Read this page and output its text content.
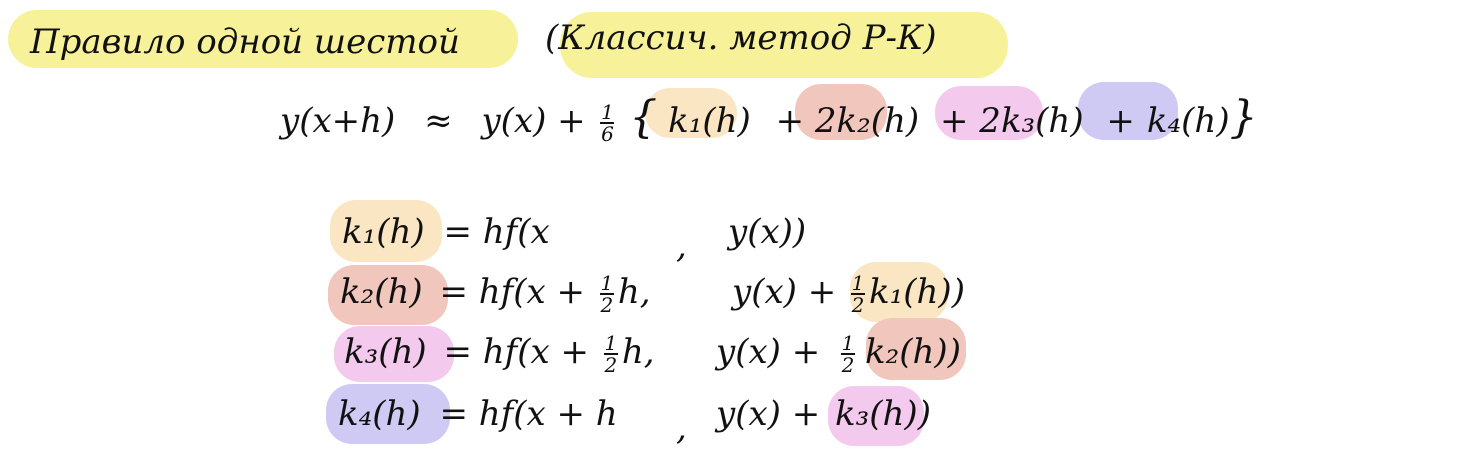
Правило одной шестой	(Классич. метод Р-К)
$y(x+h) \approx y(x) + \frac{1}{6}$ { k₁(h) + 2k₂(h) + 2k₃(h) + k₄(h)}
k₁(h) = hf(x	, y(x))
$k_2(h) = hf(x + \frac{1}{2} h$, $y(x) + \frac{1}{2} k_1(h)$)
$k_3(h) = hf(x + \frac{1}{2} h$, $y(x) + \frac{1}{2} k_2(h)$)
k₄(h) = hf(x + h , y(x) + k₃(h))
